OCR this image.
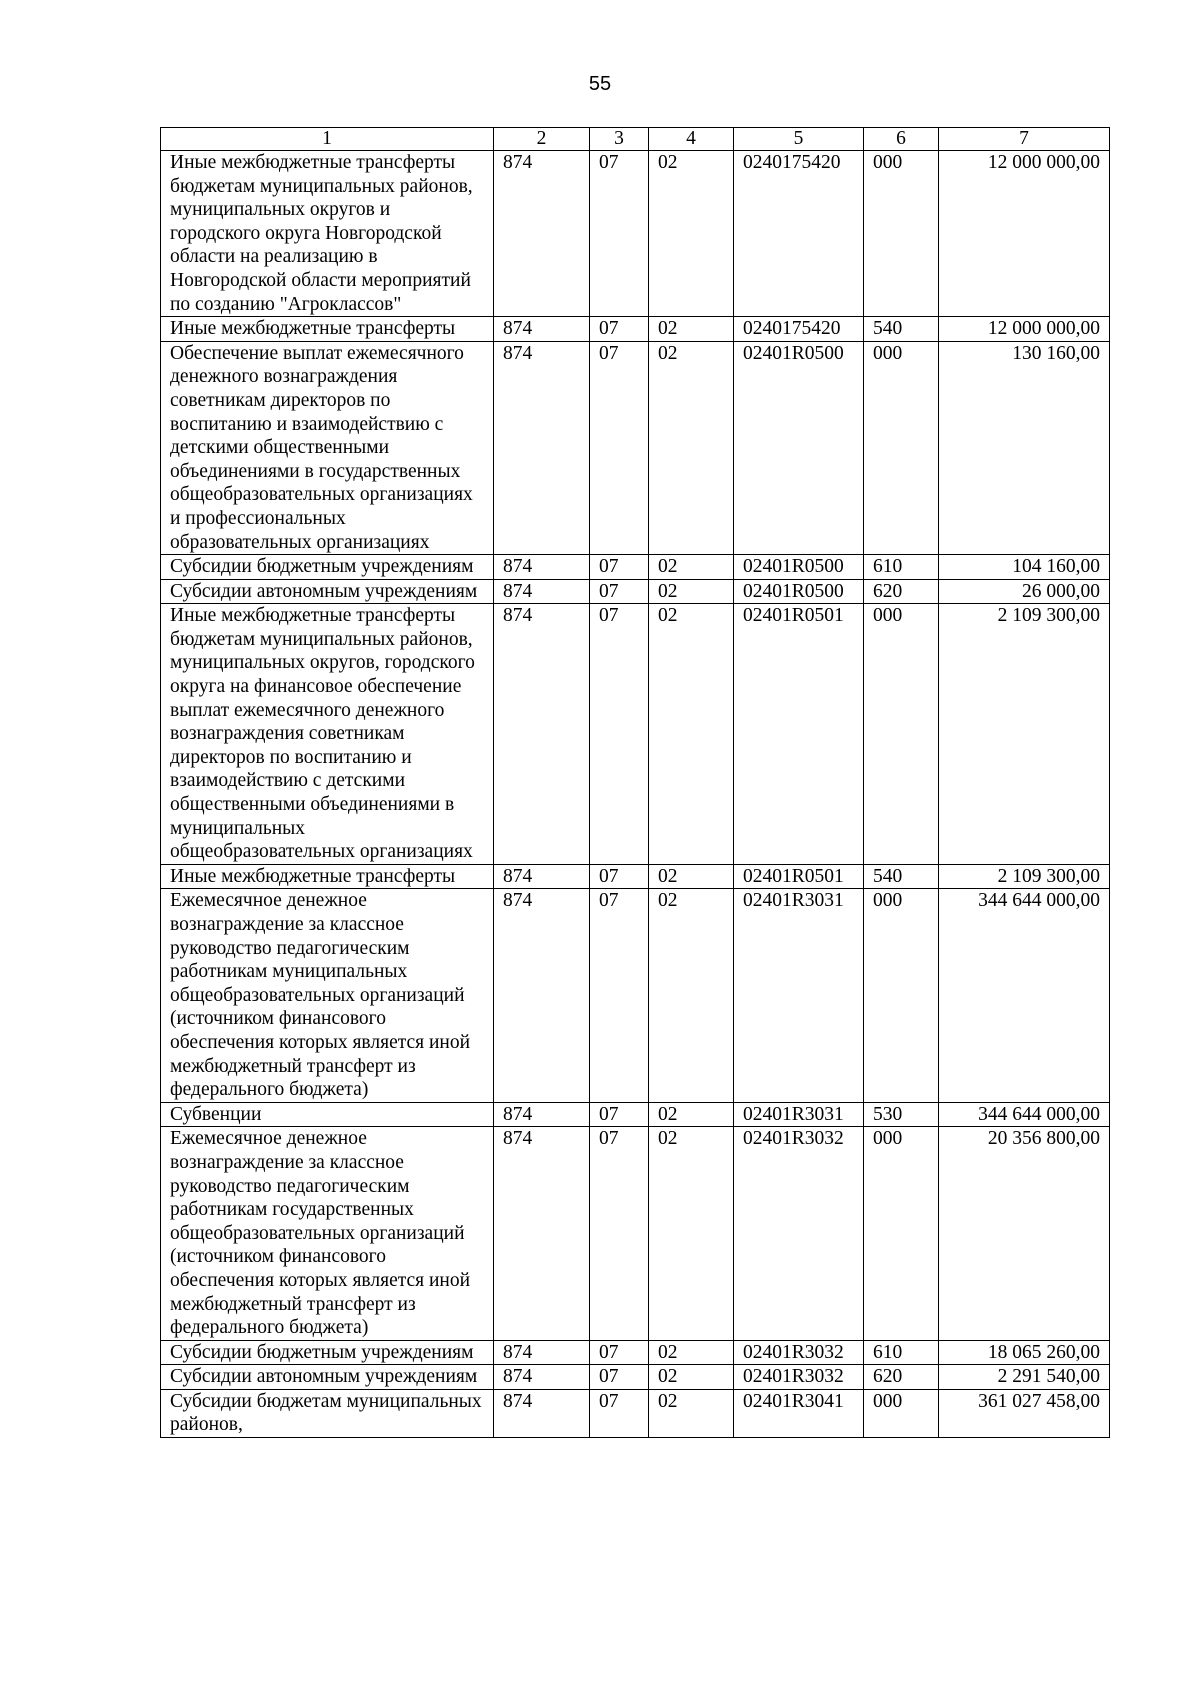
55
1	2	3	4	5	6	7
Иные межбюджетные трансферты бюджетам муниципальных районов, муниципальных округов и городского округа Новгородской области на реализацию в Новгородской области мероприятий по созданию "Агроклассов"	874	07	02	0240175420	000	12 000 000,00
Иные межбюджетные трансферты	874	07	02	0240175420	540	12 000 000,00
Обеспечение выплат ежемесячного денежного вознаграждения советникам директоров по воспитанию и взаимодействию с детскими общественными объединениями в государственных общеобразовательных организациях и профессиональных образовательных организациях	874	07	02	02401R0500	000	130 160,00
Субсидии бюджетным учреждениям	874	07	02	02401R0500	610	104 160,00
Субсидии автономным учреждениям	874	07	02	02401R0500	620	26 000,00
Иные межбюджетные трансферты бюджетам муниципальных районов, муниципальных округов, городского округа на финансовое обеспечение выплат ежемесячного денежного вознаграждения советникам директоров по воспитанию и взаимодействию с детскими общественными объединениями в муниципальных общеобразовательных организациях	874	07	02	02401R0501	000	2 109 300,00
Иные межбюджетные трансферты	874	07	02	02401R0501	540	2 109 300,00
Ежемесячное денежное вознаграждение за классное руководство педагогическим работникам муниципальных общеобразовательных организаций (источником финансового обеспечения которых является иной межбюджетный трансферт из федерального бюджета)	874	07	02	02401R3031	000	344 644 000,00
Субвенции	874	07	02	02401R3031	530	344 644 000,00
Ежемесячное денежное вознаграждение за классное руководство педагогическим работникам государственных общеобразовательных организаций (источником финансового обеспечения которых является иной межбюджетный трансферт из федерального бюджета)	874	07	02	02401R3032	000	20 356 800,00
Субсидии бюджетным учреждениям	874	07	02	02401R3032	610	18 065 260,00
Субсидии автономным учреждениям	874	07	02	02401R3032	620	2 291 540,00
Субсидии бюджетам муниципальных районов,	874	07	02	02401R3041	000	361 027 458,00
